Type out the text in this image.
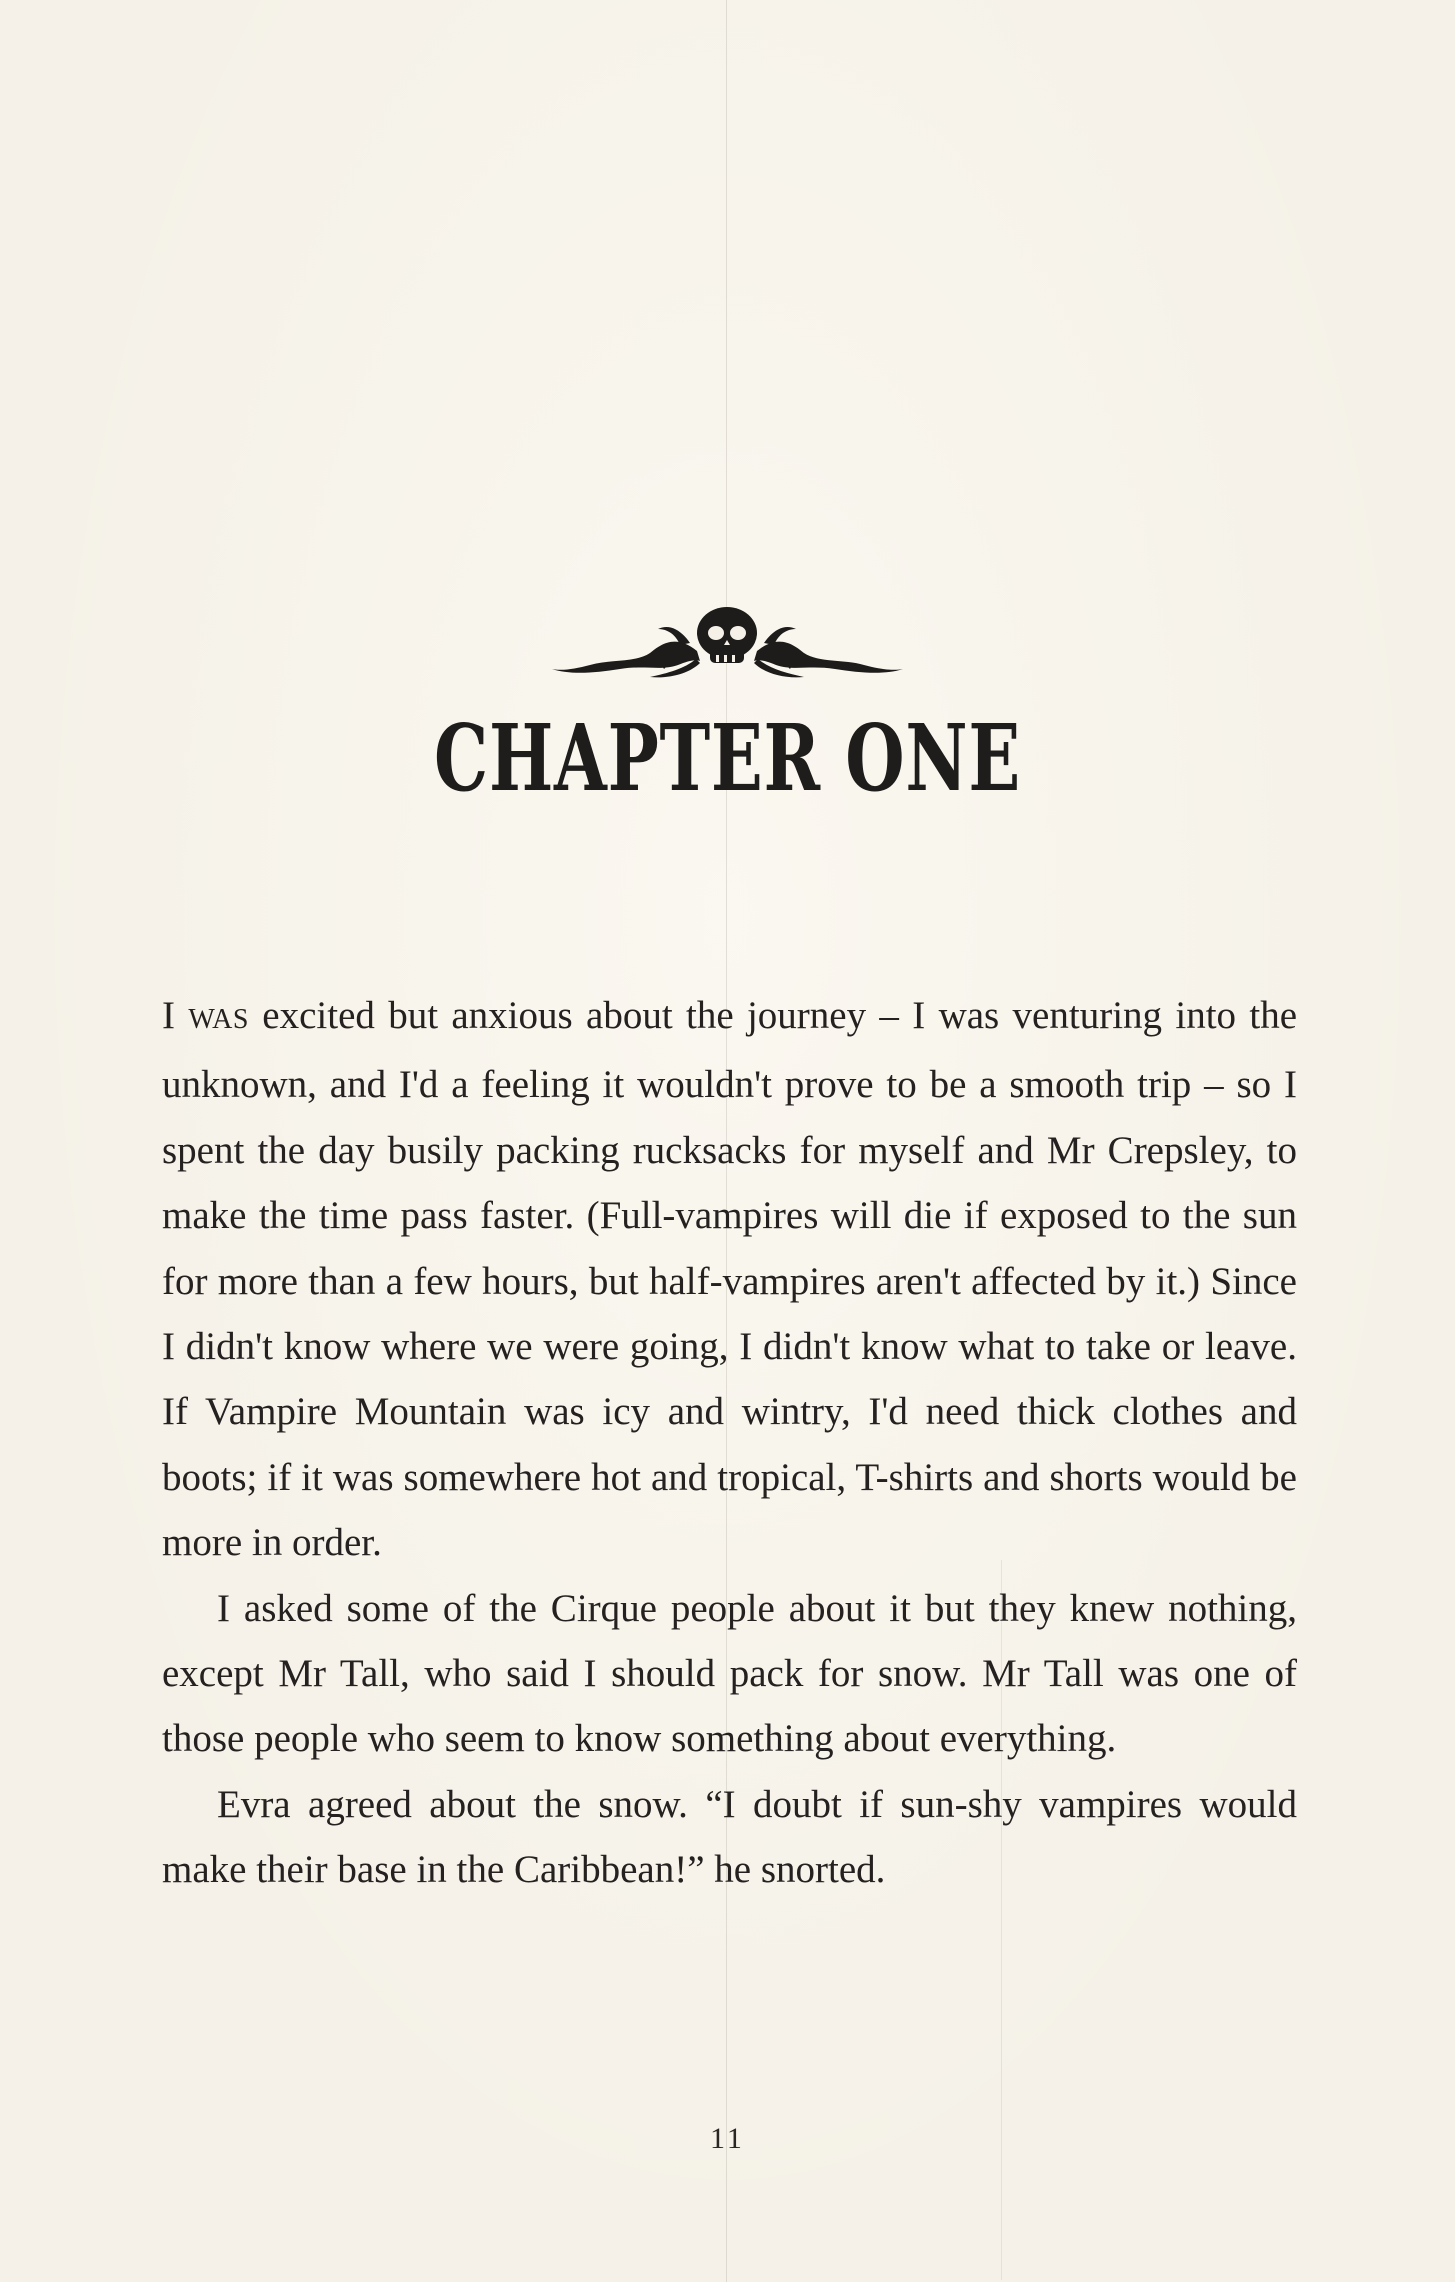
CHAPTER ONE

I WAS excited but anxious about the journey – I was venturing into the unknown, and I'd a feeling it wouldn't prove to be a smooth trip – so I spent the day busily packing rucksacks for myself and Mr Crepsley, to make the time pass faster. (Full-vampires will die if exposed to the sun for more than a few hours, but half-vampires aren't affected by it.) Since I didn't know where we were going, I didn't know what to take or leave. If Vampire Mountain was icy and wintry, I'd need thick clothes and boots; if it was somewhere hot and tropical, T-shirts and shorts would be more in order.

I asked some of the Cirque people about it but they knew nothing, except Mr Tall, who said I should pack for snow. Mr Tall was one of those people who seem to know something about everything.

Evra agreed about the snow. “I doubt if sun-shy vampires would make their base in the Caribbean!” he snorted.

11
